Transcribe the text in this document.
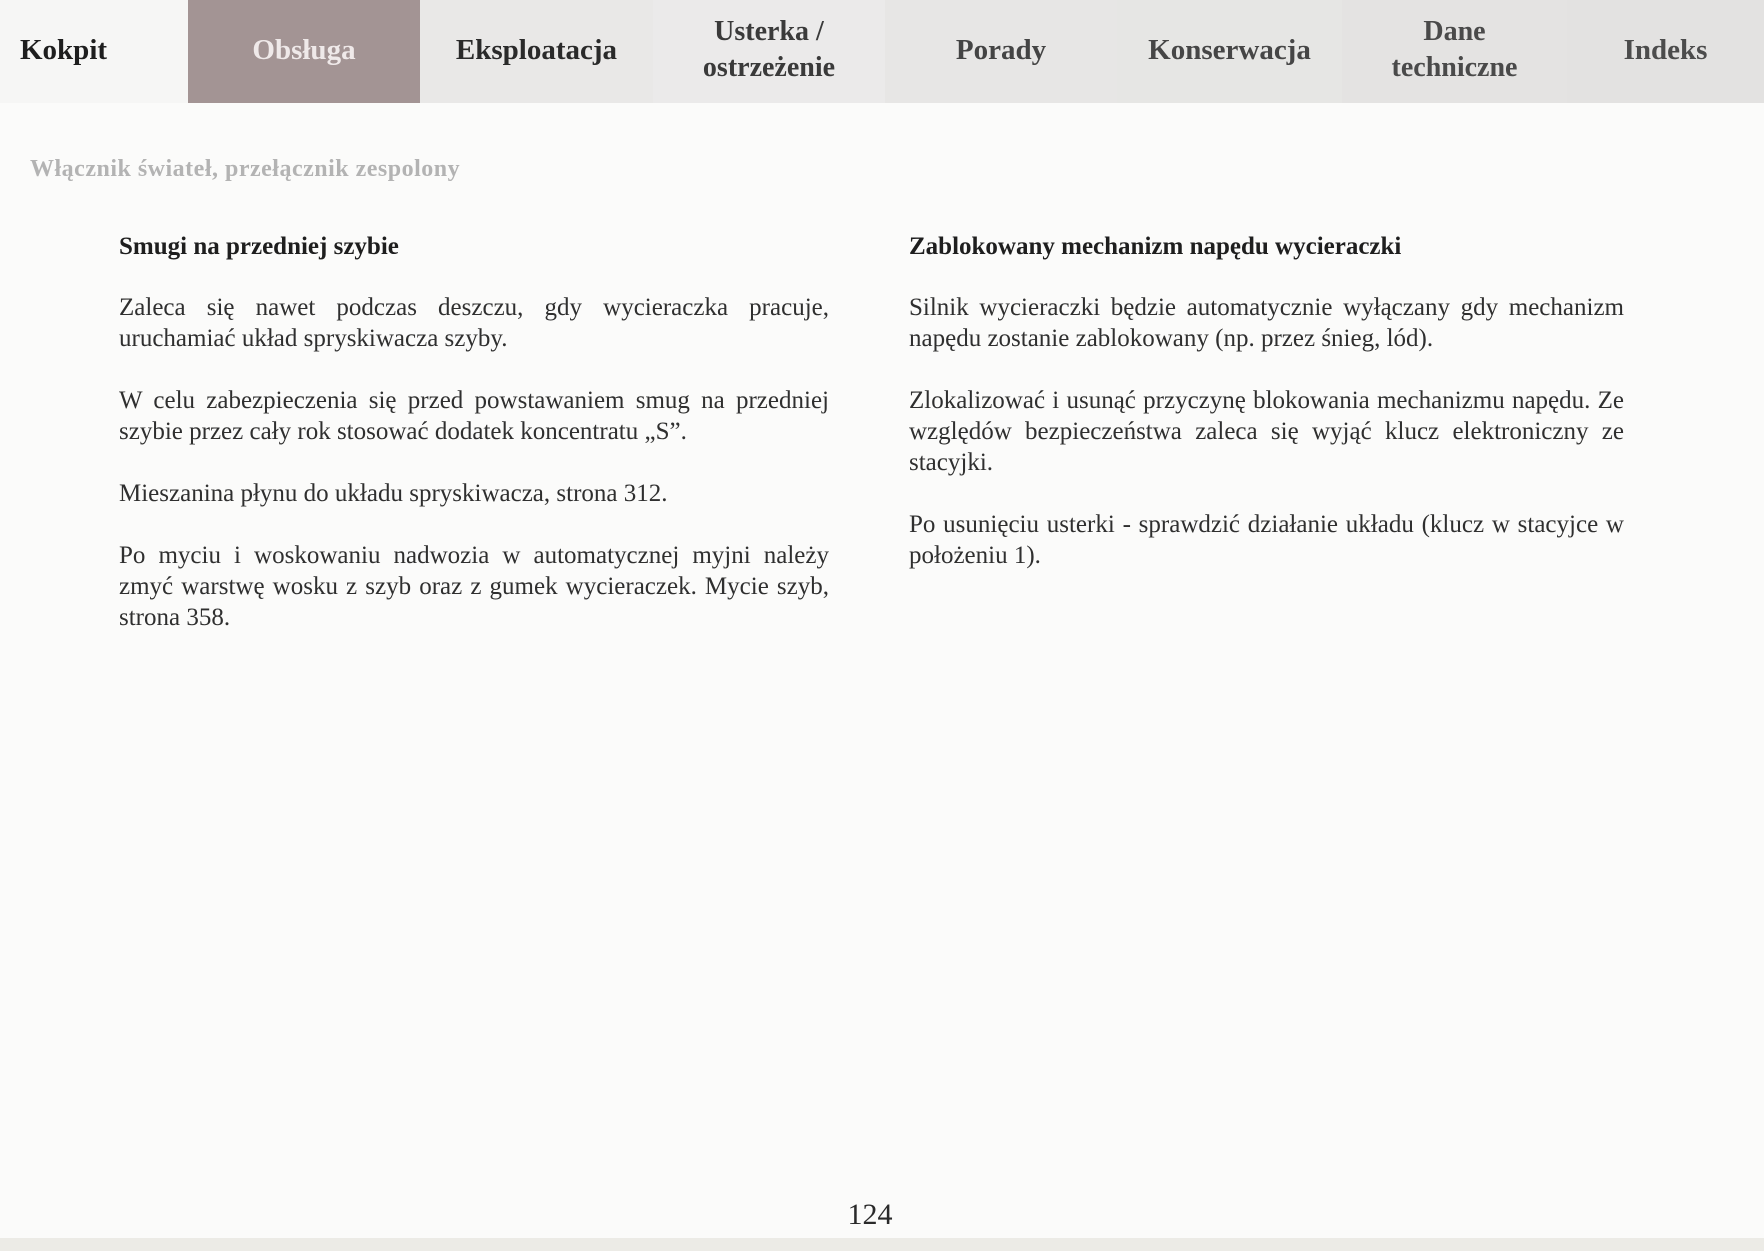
Kokpit	Obsługa	Eksploatacja
Usterka /
ostrzeżenie
Porady	Konserwacja
Dane
techniczne
Indeks
Włącznik świateł, przełącznik zespolony
Smugi na przedniej szybie

Zaleca się nawet podczas deszczu, gdy wycieraczka pracuje, uruchamiać układ spryskiwacza szyby.

W celu zabezpieczenia się przed powstawaniem smug na przedniej szybie przez cały rok stosować dodatek koncentratu „S”.

Mieszanina płynu do układu spryskiwacza, strona 312.

Po myciu i woskowaniu nadwozia w automatycznej myjni należy zmyć warstwę wosku z szyb oraz z gumek wycieraczek. Mycie szyb, strona 358.

Zablokowany mechanizm napędu wycieraczki

Silnik wycieraczki będzie automatycznie wyłączany gdy mechanizm napędu zostanie zablokowany (np. przez śnieg, lód).

Zlokalizować i usunąć przyczynę blokowania mechanizmu napędu. Ze względów bezpieczeństwa zaleca się wyjąć klucz elektroniczny ze stacyjki.

Po usunięciu usterki - sprawdzić działanie układu (klucz w stacyjce w położeniu 1).

124
